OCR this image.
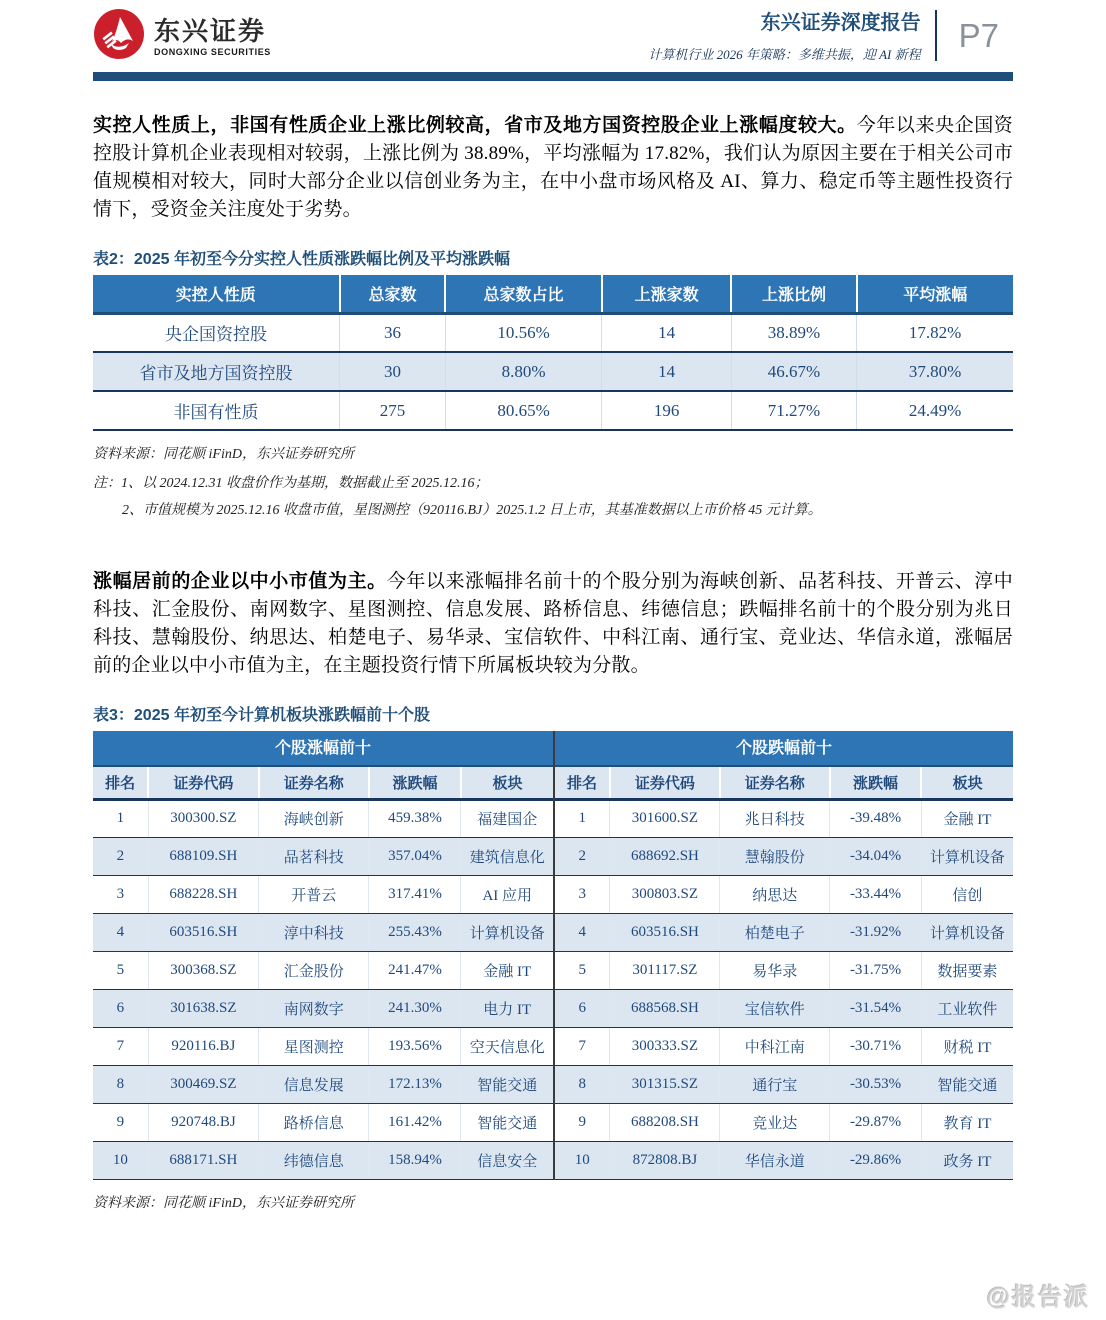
东兴证券
DONGXING SECURITIES
东兴证券深度报告
计算机行业 2026 年策略：多维共振，迎 AI 新程
P7

实控人性质上，非国有性质企业上涨比例较高，省市及地方国资控股企业上涨幅度较大。今年以来央企国资控股计算机企业表现相对较弱，上涨比例为 38.89%，平均涨幅为 17.82%，我们认为原因主要在于相关公司市值规模相对较大，同时大部分企业以信创业务为主，在中小盘市场风格及 AI、算力、稳定币等主题性投资行情下，受资金关注度处于劣势。

表2：2025 年初至今分实控人性质涨跌幅比例及平均涨跌幅
实控人性质	总家数	总家数占比	上涨家数	上涨比例	平均涨幅
央企国资控股	36	10.56%	14	38.89%	17.82%
省市及地方国资控股	30	8.80%	14	46.67%	37.80%
非国有性质	275	80.65%	196	71.27%	24.49%
资料来源：同花顺 iFinD，东兴证券研究所
注：1、以 2024.12.31 收盘价作为基期，数据截止至 2025.12.16；
2、市值规模为 2025.12.16 收盘市值，星图测控（920116.BJ）2025.1.2 日上市，其基准数据以上市价格 45 元计算。

涨幅居前的企业以中小市值为主。今年以来涨幅排名前十的个股分别为海峡创新、品茗科技、开普云、淳中科技、汇金股份、南网数字、星图测控、信息发展、路桥信息、纬德信息；跌幅排名前十的个股分别为兆日科技、慧翰股份、纳思达、柏楚电子、易华录、宝信软件、中科江南、通行宝、竞业达、华信永道，涨幅居前的企业以中小市值为主，在主题投资行情下所属板块较为分散。

表3：2025 年初至今计算机板块涨跌幅前十个股
个股涨幅前十
排名	证券代码	证券名称	涨跌幅	板块
1	300300.SZ	海峡创新	459.38%	福建国企
2	688109.SH	品茗科技	357.04%	建筑信息化
3	688228.SH	开普云	317.41%	AI 应用
4	603516.SH	淳中科技	255.43%	计算机设备
5	300368.SZ	汇金股份	241.47%	金融 IT
6	301638.SZ	南网数字	241.30%	电力 IT
7	920116.BJ	星图测控	193.56%	空天信息化
8	300469.SZ	信息发展	172.13%	智能交通
9	920748.BJ	路桥信息	161.42%	智能交通
10	688171.SH	纬德信息	158.94%	信息安全
个股跌幅前十
排名	证券代码	证券名称	涨跌幅	板块
1	301600.SZ	兆日科技	-39.48%	金融 IT
2	688692.SH	慧翰股份	-34.04%	计算机设备
3	300803.SZ	纳思达	-33.44%	信创
4	603516.SH	柏楚电子	-31.92%	计算机设备
5	301117.SZ	易华录	-31.75%	数据要素
6	688568.SH	宝信软件	-31.54%	工业软件
7	300333.SZ	中科江南	-30.71%	财税 IT
8	301315.SZ	通行宝	-30.53%	智能交通
9	688208.SH	竞业达	-29.87%	教育 IT
10	872808.BJ	华信永道	-29.86%	政务 IT
资料来源：同花顺 iFinD，东兴证券研究所
@报告派
